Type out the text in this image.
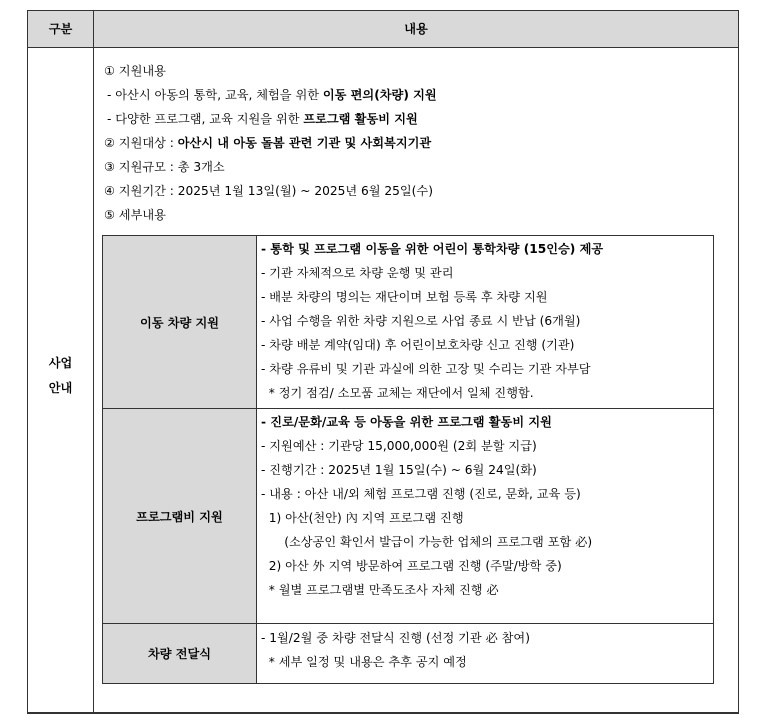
구분	내용
사업
안내
① 지원내용
- 아산시 아동의 통학, 교육, 체험을 위한 이동 편의(차량) 지원
- 다양한 프로그램, 교육 지원을 위한 프로그램 활동비 지원
② 지원대상 : 아산시 내 아동 돌봄 관련 기관 및 사회복지기관
③ 지원규모 : 총 3개소
④ 지원기간 : 2025년 1월 13일(월) ~ 2025년 6월 25일(수)
⑤ 세부내용
이동 차량 지원
- 통학 및 프로그램 이동을 위한 어린이 통학차량 (15인승) 제공
- 기관 자체적으로 차량 운행 및 관리
- 배분 차량의 명의는 재단이며 보험 등록 후 차량 지원
- 사업 수행을 위한 차량 지원으로 사업 종료 시 반납 (6개월)
- 차량 배분 계약(임대) 후 어린이보호차량 신고 진행 (기관)
- 차량 유류비 및 기관 과실에 의한 고장 및 수리는 기관 자부담
* 정기 점검/ 소모품 교체는 재단에서 일체 진행함.
프로그램비 지원
- 진로/문화/교육 등 아동을 위한 프로그램 활동비 지원
- 지원예산 : 기관당 15,000,000원 (2회 분할 지급)
- 진행기간 : 2025년 1월 15일(수) ~ 6월 24일(화)
- 내용 : 아산 내/외 체험 프로그램 진행 (진로, 문화, 교육 등)
1) 아산(천안) 內 지역 프로그램 진행
(소상공인 확인서 발급이 가능한 업체의 프로그램 포함 必)
2) 아산 外 지역 방문하여 프로그램 진행 (주말/방학 중)
* 월별 프로그램별 만족도조사 자체 진행 必
차량 전달식
- 1월/2월 중 차량 전달식 진행 (선정 기관 必 참여)
* 세부 일정 및 내용은 추후 공지 예정
